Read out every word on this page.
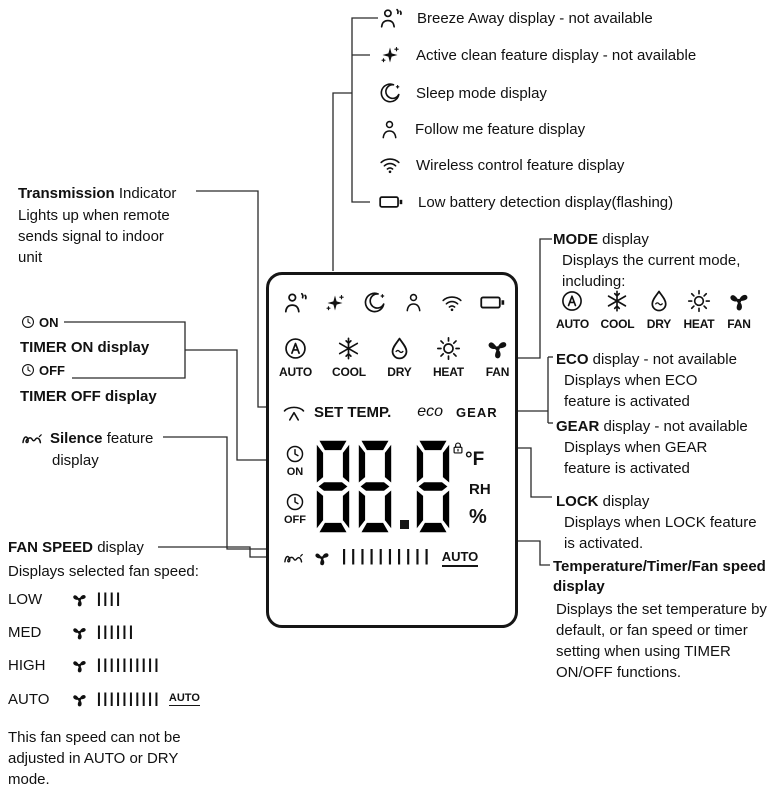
Breeze Away display - not available
Active clean feature display - not available
Sleep mode display
Follow me feature display
Wireless control feature display
Low battery detection display(flashing)
Transmission Indicator
Lights up when remote sends signal to indoor unit
ON
TIMER ON display
OFF
TIMER OFF display
Silence feature
display
FAN SPEED display
Displays selected fan speed:
LOW	IIII
MED	IIIIII
HIGH	IIIIIIIIII
AUTO	IIIIIIIIII AUTO
This fan speed can not be adjusted in AUTO or DRY mode.
MODE display
Displays the current mode, including:
AUTO COOL DRY HEAT FAN
ECO display - not available
Displays when ECO feature is activated
GEAR display - not available
Displays when GEAR feature is activated
LOCK display
Displays when LOCK feature is activated.
Temperature/Timer/Fan speed display
Displays the set temperature by default, or fan speed or timer setting when using TIMER ON/OFF functions.
AUTO COOL DRY HEAT FAN
SET TEMP. eco GEAR
ON
OFF
°F
RH
%
IIIIIIIIII AUTO
